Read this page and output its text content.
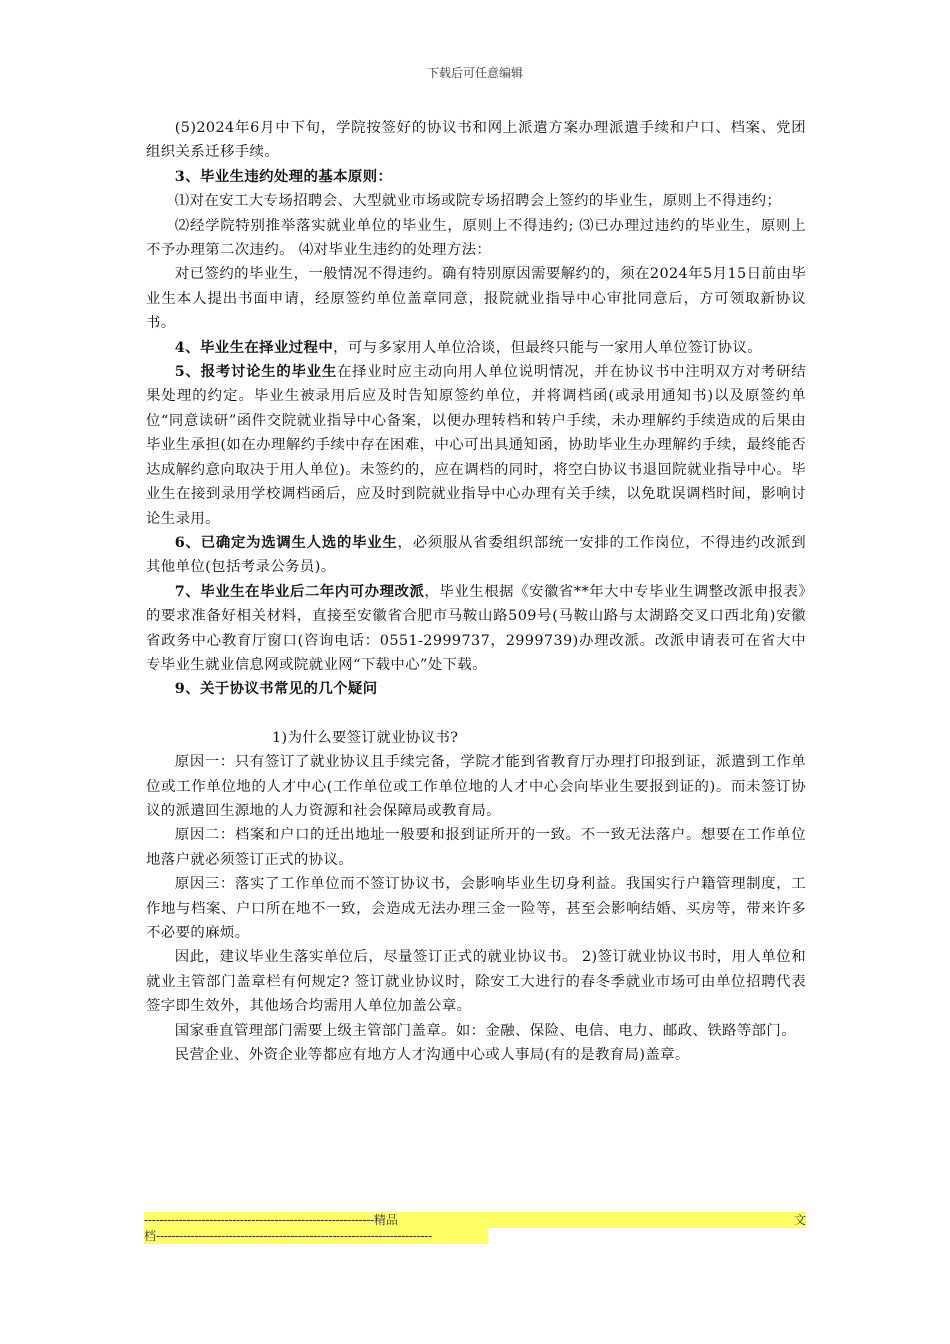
下载后可任意编辑

(5)2024年6月中下旬，学院按签好的协议书和网上派遣方案办理派遣手续和户口、档案、党团组织关系迁移手续。

3、毕业生违约处理的基本原则：

⑴对在安工大专场招聘会、大型就业市场或院专场招聘会上签约的毕业生，原则上不得违约；

⑵经学院特别推举落实就业单位的毕业生，原则上不得违约; ⑶已办理过违约的毕业生，原则上不予办理第二次违约。 ⑷对毕业生违约的处理方法：

对已签约的毕业生，一般情况不得违约。确有特别原因需要解约的，须在2024年5月15日前由毕业生本人提出书面申请，经原签约单位盖章同意，报院就业指导中心审批同意后，方可领取新协议书。

4、毕业生在择业过程中，可与多家用人单位洽谈，但最终只能与一家用人单位签订协议。

5、报考讨论生的毕业生在择业时应主动向用人单位说明情况，并在协议书中注明双方对考研结果处理的约定。毕业生被录用后应及时告知原签约单位，并将调档函(或录用通知书)以及原签约单位“同意读研”函件交院就业指导中心备案，以便办理转档和转户手续，未办理解约手续造成的后果由毕业生承担(如在办理解约手续中存在困难，中心可出具通知函，协助毕业生办理解约手续，最终能否达成解约意向取决于用人单位)。未签约的，应在调档的同时，将空白协议书退回院就业指导中心。毕业生在接到录用学校调档函后，应及时到院就业指导中心办理有关手续，以免耽误调档时间，影响讨论生录用。

6、已确定为选调生人选的毕业生，必须服从省委组织部统一安排的工作岗位，不得违约改派到其他单位(包括考录公务员)。

7、毕业生在毕业后二年内可办理改派，毕业生根据《安徽省**年大中专毕业生调整改派申报表》的要求准备好相关材料，直接至安徽省合肥市马鞍山路509号(马鞍山路与太湖路交叉口西北角)安徽省政务中心教育厅窗口(咨询电话：0551-2999737，2999739)办理改派。改派申请表可在省大中专毕业生就业信息网或院就业网“下载中心”处下载。

9、关于协议书常见的几个疑问

1)为什么要签订就业协议书?

原因一：只有签订了就业协议且手续完备，学院才能到省教育厅办理打印报到证，派遣到工作单位或工作单位地的人才中心(工作单位或工作单位地的人才中心会向毕业生要报到证的)。而未签订协议的派遣回生源地的人力资源和社会保障局或教育局。

原因二：档案和户口的迁出地址一般要和报到证所开的一致。不一致无法落户。想要在工作单位地落户就必须签订正式的协议。

原因三：落实了工作单位而不签订协议书，会影响毕业生切身利益。我国实行户籍管理制度，工作地与档案、户口所在地不一致，会造成无法办理三金一险等，甚至会影响结婚、买房等，带来许多不必要的麻烦。

因此，建议毕业生落实单位后，尽量签订正式的就业协议书。 2)签订就业协议书时，用人单位和就业主管部门盖章栏有何规定? 签订就业协议时，除安工大进行的春冬季就业市场可由单位招聘代表签字即生效外，其他场合均需用人单位加盖公章。

国家垂直管理部门需要上级主管部门盖章。如：金融、保险、电信、电力、邮政、铁路等部门。

民营企业、外资企业等都应有地方人才沟通中心或人事局(有的是教育局)盖章。

------------------------------------------------------------ 精 品	文
档------------------------------------------------------------------------
